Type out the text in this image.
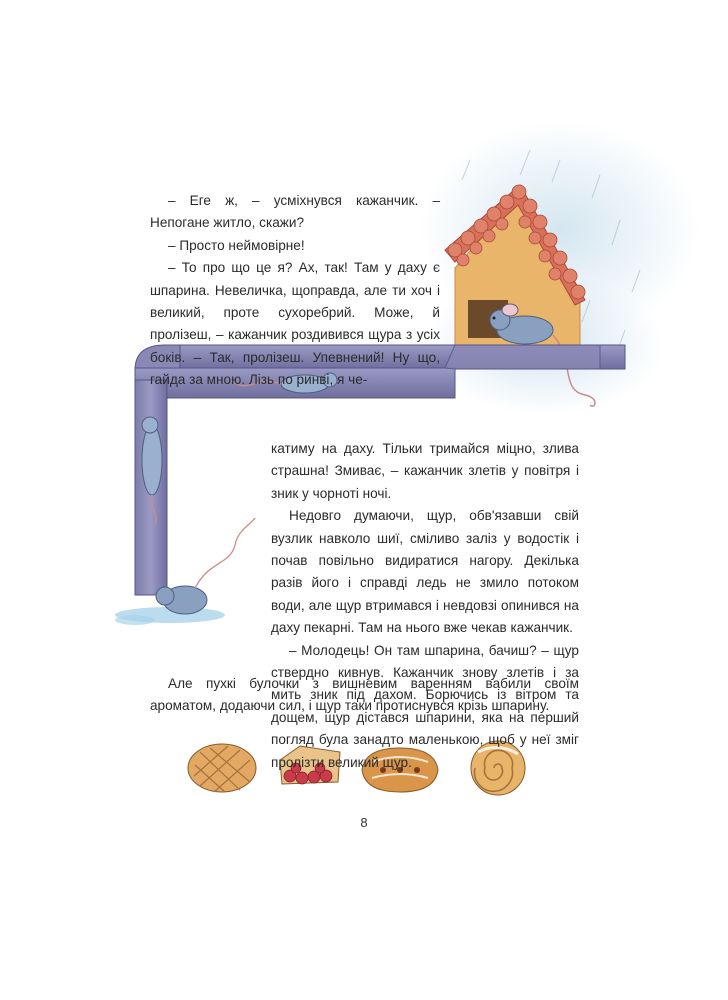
– Еге ж, – усміхнувся кажанчик. – Непогане житло, скажи?

– Просто неймовірне!

– То про що це я? Ах, так! Там у даху є шпарина. Невеличка, щоправда, але ти хоч і великий, проте сухоребрий. Може, й пролізеш, – кажанчик роздивився щура з усіх боків. – Так, пролізеш. Упевнений! Ну що, гайда за мною. Лізь по ринві, я че-

катиму на даху. Тільки тримайся міцно, злива страшна! Змиває, – кажанчик злетів у повітря і зник у чорноті ночі.

Недовго думаючи, щур, обв'язавши свій вузлик навколо шиї, сміливо заліз у водостік і почав повільно видиратися нагору. Декілька разів його і справді ледь не змило потоком води, але щур втримався і невдовзі опинився на даху пекарні. Там на нього вже чекав кажанчик.

– Молодець! Он там шпарина, бачиш? – щур ствердно кивнув. Кажанчик знову злетів і за мить зник під дахом. Борючись із вітром та дощем, щур дістався шпарини, яка на перший погляд була занадто маленькою, щоб у неї зміг пролізти великий щур.

Але пухкі булочки з вишневим варенням вабили своїм ароматом, додаючи сил, і щур таки протиснувся крізь шпарину.

8
